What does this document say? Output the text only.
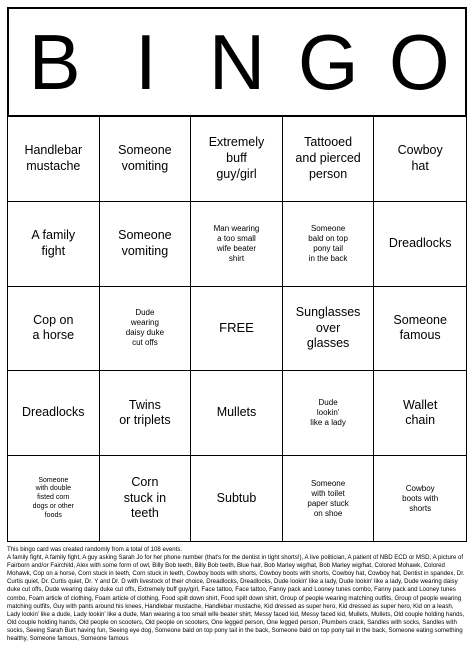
B I N G O
Handlebar
mustache
Someone
vomiting
Extremely
buff
guy/girl
Tattooed
and pierced
person
Cowboy
hat
A family
fight
Someone
vomiting
Man wearing
a too small
wife beater
shirt
Someone
bald on top
pony tail
in the back
Dreadlocks
Cop on
a horse
Dude
wearing
daisy duke
cut offs
FREE
Sunglasses
over
glasses
Someone
famous
Dreadlocks
Twins
or triplets
Mullets
Dude
lookin'
like a lady
Wallet
chain
Someone
with double
fisted corn
dogs or other
foods
Corn
stuck in
teeth
Subtub
Someone
with toilet
paper stuck
on shoe
Cowboy
boots with
shorts

This bingo card was created randomly from a total of 108 events.

A family fight, A family fight, A guy asking Sarah Jo for her phone number (that's for the dentist in tight shorts!), A live politician, A patient of NBD ECD or MSD, A picture of Fairborn and/or Fairchild, Alex with some form of owl, Billy Bob teeth, Billy Bob teeth, Blue hair, Bob Marley wig/hat, Bob Marley wig/hat, Colored Mohawk, Colored Mohawk, Cop on a horse, Corn stuck in teeth, Corn stuck in teeth, Cowboy boots with shorts, Cowboy boots with shorts, Cowboy hat, Cowboy hat, Dentist in spandex, Dr. Curtis quiet, Dr. Curtis quiet, Dr. Y and Dr. D with livestock of their choice, Dreadlocks, Dreadlocks, Dude lookin' like a lady, Dude lookin' like a lady, Dude wearing daisy duke cut offs, Dude wearing daisy duke cut offs, Extremely buff guy/girl, Face tattoo, Face tattoo, Fanny pack and Looney tunes combo, Fanny pack and Looney tunes combo, Foam article of clothing, Foam article of clothing, Food spilt down shirt, Food spilt down shirt, Group of people wearing matching outfits, Group of people wearing matching outfits, Guy with pants around his knees, Handlebar mustache, Handlebar mustache, Kid dressed as super hero, Kid dressed as super hero, Kid on a leash, Lady lookin' like a dude, Lady lookin' like a dude, Man wearing a too small wife beater shirt, Messy faced kid, Messy faced kid, Mullets, Mullets, Old couple holding hands, Old couple holding hands, Old people on scooters, Old people on scooters, One legged person, One legged person, Plumbers crack, Sandles with socks, Sandles with socks, Seeing Sarah Burt having fun, Seeing eye dog, Someone bald on top pony tail in the back, Someone bald on top pony tail in the back, Someone eating something healthy, Someone famous, Someone famous
